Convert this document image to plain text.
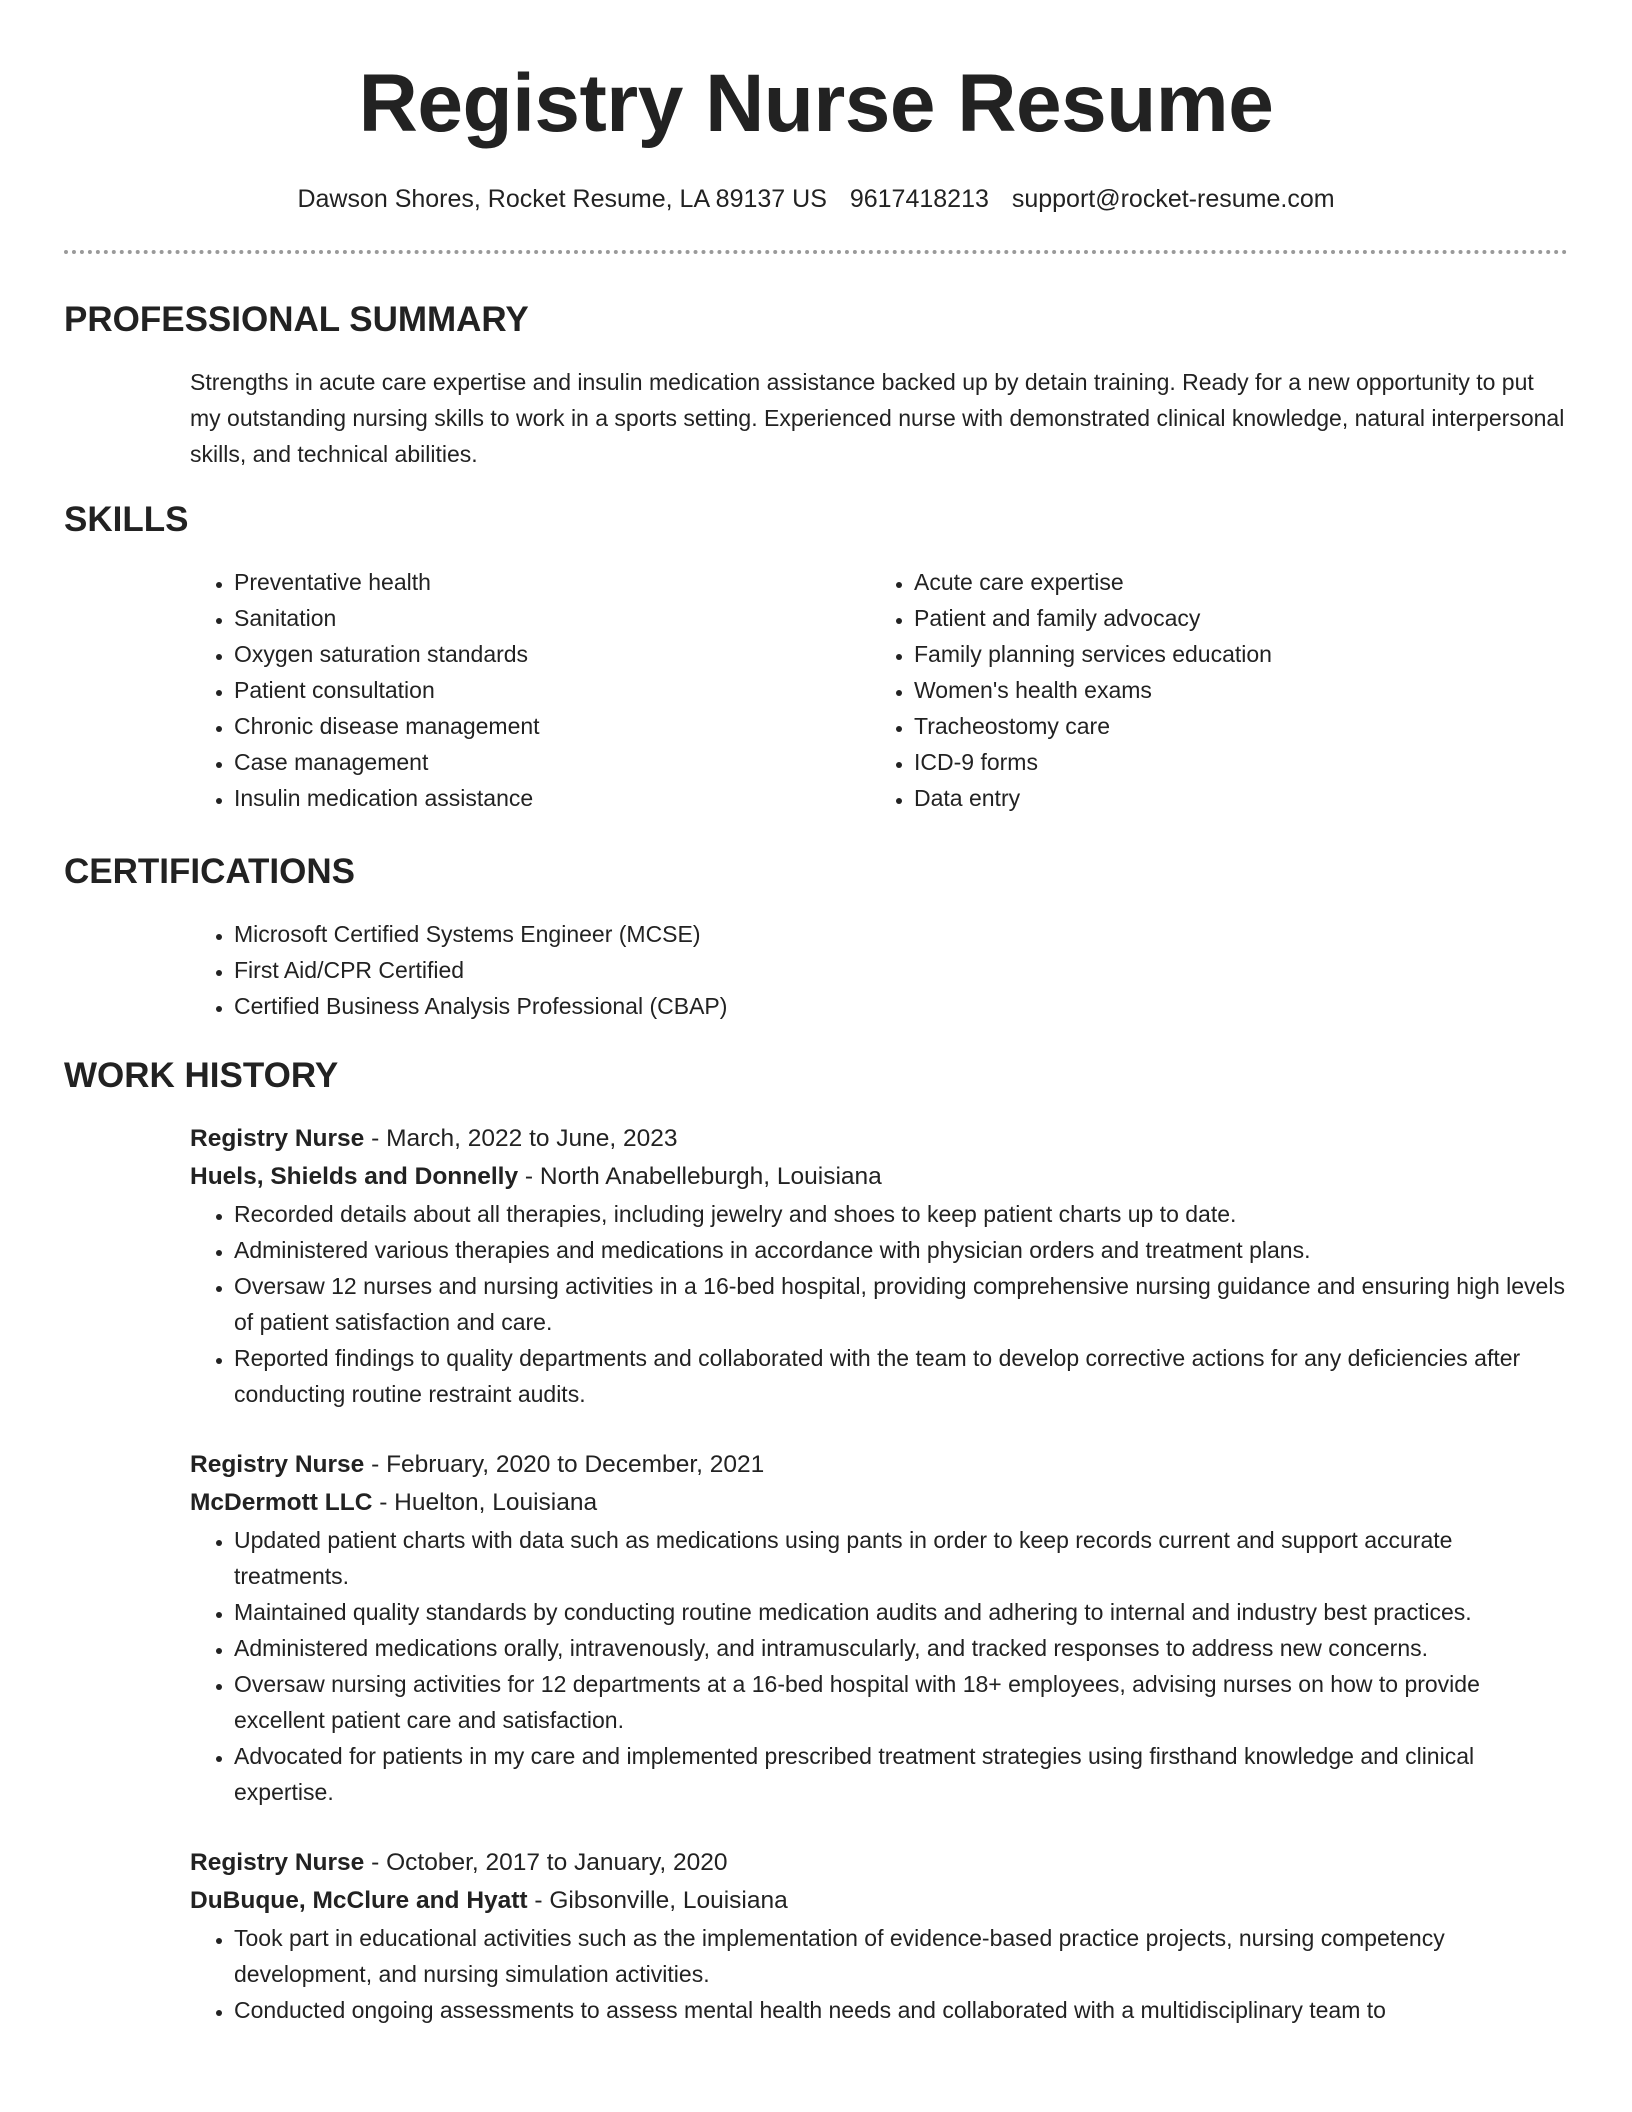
Registry Nurse Resume
Dawson Shores, Rocket Resume, LA 89137 US 9617418213 support@rocket-resume.com
PROFESSIONAL SUMMARY

Strengths in acute care expertise and insulin medication assistance backed up by detain training. Ready for a new opportunity to put my outstanding nursing skills to work in a sports setting. Experienced nurse with demonstrated clinical knowledge, natural interpersonal skills, and technical abilities.

SKILLS
• Preventative health
• Sanitation
• Oxygen saturation standards
• Patient consultation
• Chronic disease management
• Case management
• Insulin medication assistance
• Acute care expertise
• Patient and family advocacy
• Family planning services education
• Women's health exams
• Tracheostomy care
• ICD-9 forms
• Data entry
CERTIFICATIONS
• Microsoft Certified Systems Engineer (MCSE)
• First Aid/CPR Certified
• Certified Business Analysis Professional (CBAP)
WORK HISTORY
Registry Nurse - March, 2022 to June, 2023
Huels, Shields and Donnelly - North Anabelleburgh, Louisiana
• Recorded details about all therapies, including jewelry and shoes to keep patient charts up to date.
• Administered various therapies and medications in accordance with physician orders and treatment plans.
• Oversaw 12 nurses and nursing activities in a 16-bed hospital, providing comprehensive nursing guidance and ensuring high levels of patient satisfaction and care.
• Reported findings to quality departments and collaborated with the team to develop corrective actions for any deficiencies after conducting routine restraint audits.
Registry Nurse - February, 2020 to December, 2021
McDermott LLC - Huelton, Louisiana
• Updated patient charts with data such as medications using pants in order to keep records current and support accurate treatments.
• Maintained quality standards by conducting routine medication audits and adhering to internal and industry best practices.
• Administered medications orally, intravenously, and intramuscularly, and tracked responses to address new concerns.
• Oversaw nursing activities for 12 departments at a 16-bed hospital with 18+ employees, advising nurses on how to provide excellent patient care and satisfaction.
• Advocated for patients in my care and implemented prescribed treatment strategies using firsthand knowledge and clinical expertise.
Registry Nurse - October, 2017 to January, 2020
DuBuque, McClure and Hyatt - Gibsonville, Louisiana
• Took part in educational activities such as the implementation of evidence-based practice projects, nursing competency development, and nursing simulation activities.
• Conducted ongoing assessments to assess mental health needs and collaborated with a multidisciplinary team to
